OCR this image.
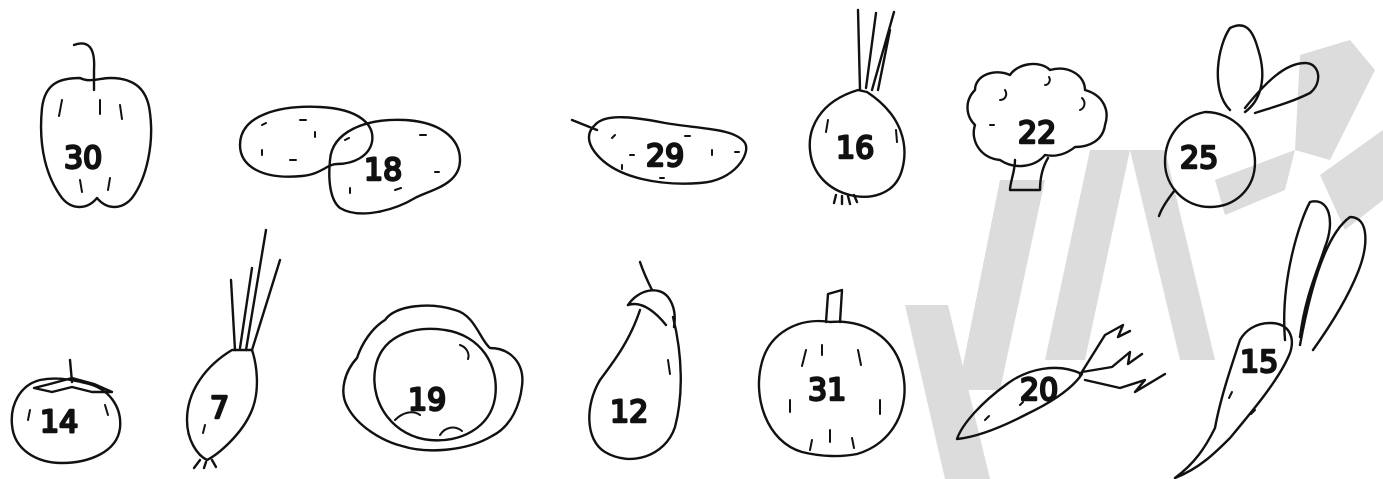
30	18	29	16	22
25
14	7	19	12
31	20
15
